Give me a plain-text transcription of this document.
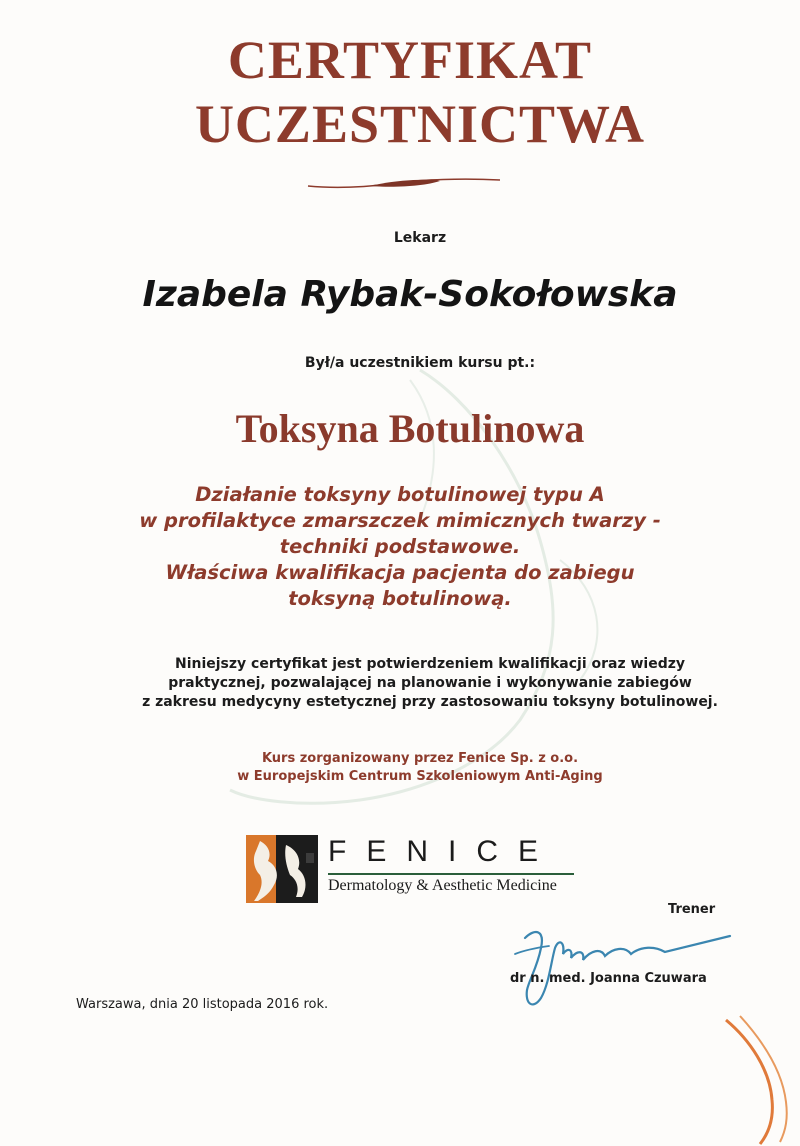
CERTYFIKAT
UCZESTNICTWA
Lekarz
Izabela Rybak-Sokołowska
Był/a uczestnikiem kursu pt.:
Toksyna Botulinowa
Działanie toksyny botulinowej typu A
w profilaktyce zmarszczek mimicznych twarzy -
techniki podstawowe.
Właściwa kwalifikacja pacjenta do zabiegu
toksyną botulinową.
Niniejszy certyfikat jest potwierdzeniem kwalifikacji oraz wiedzy
praktycznej, pozwalającej na planowanie i wykonywanie zabiegów
z zakresu medycyny estetycznej przy zastosowaniu toksyny botulinowej.
Kurs zorganizowany przez Fenice Sp. z o.o.
w Europejskim Centrum Szkoleniowym Anti-Aging
FENICE
Dermatology & Aesthetic Medicine
Trener
dr n. med. Joanna Czuwara
Warszawa, dnia 20 listopada 2016 rok.
